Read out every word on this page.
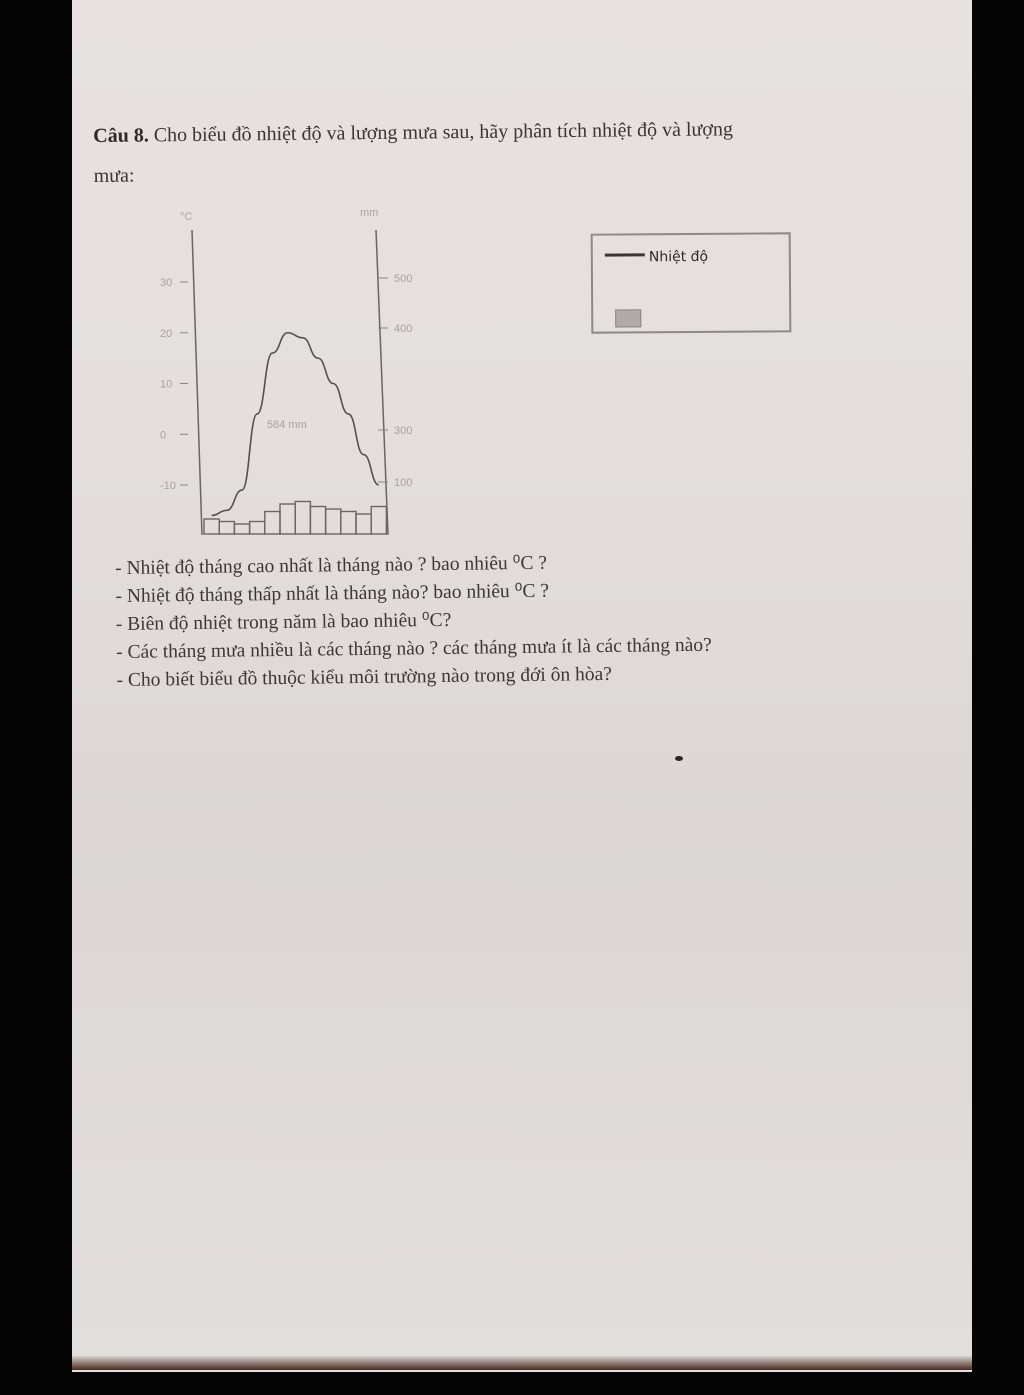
Câu 8. Cho biểu đồ nhiệt độ và lượng mưa sau, hãy phân tích nhiệt độ và lượng
mưa:
°C	mm
584 mm
30
20
10
0
-10
500
400
300
100
Nhiệt độ
- Nhiệt độ tháng cao nhất là tháng nào ? bao nhiêu ⁰C ?
- Nhiệt độ tháng thấp nhất là tháng nào? bao nhiêu ⁰C ?
- Biên độ nhiệt trong năm là bao nhiêu ⁰C?
- Các tháng mưa nhiều là các tháng nào ? các tháng mưa ít là các tháng nào?
- Cho biết biểu đồ thuộc kiểu môi trường nào trong đới ôn hòa?
